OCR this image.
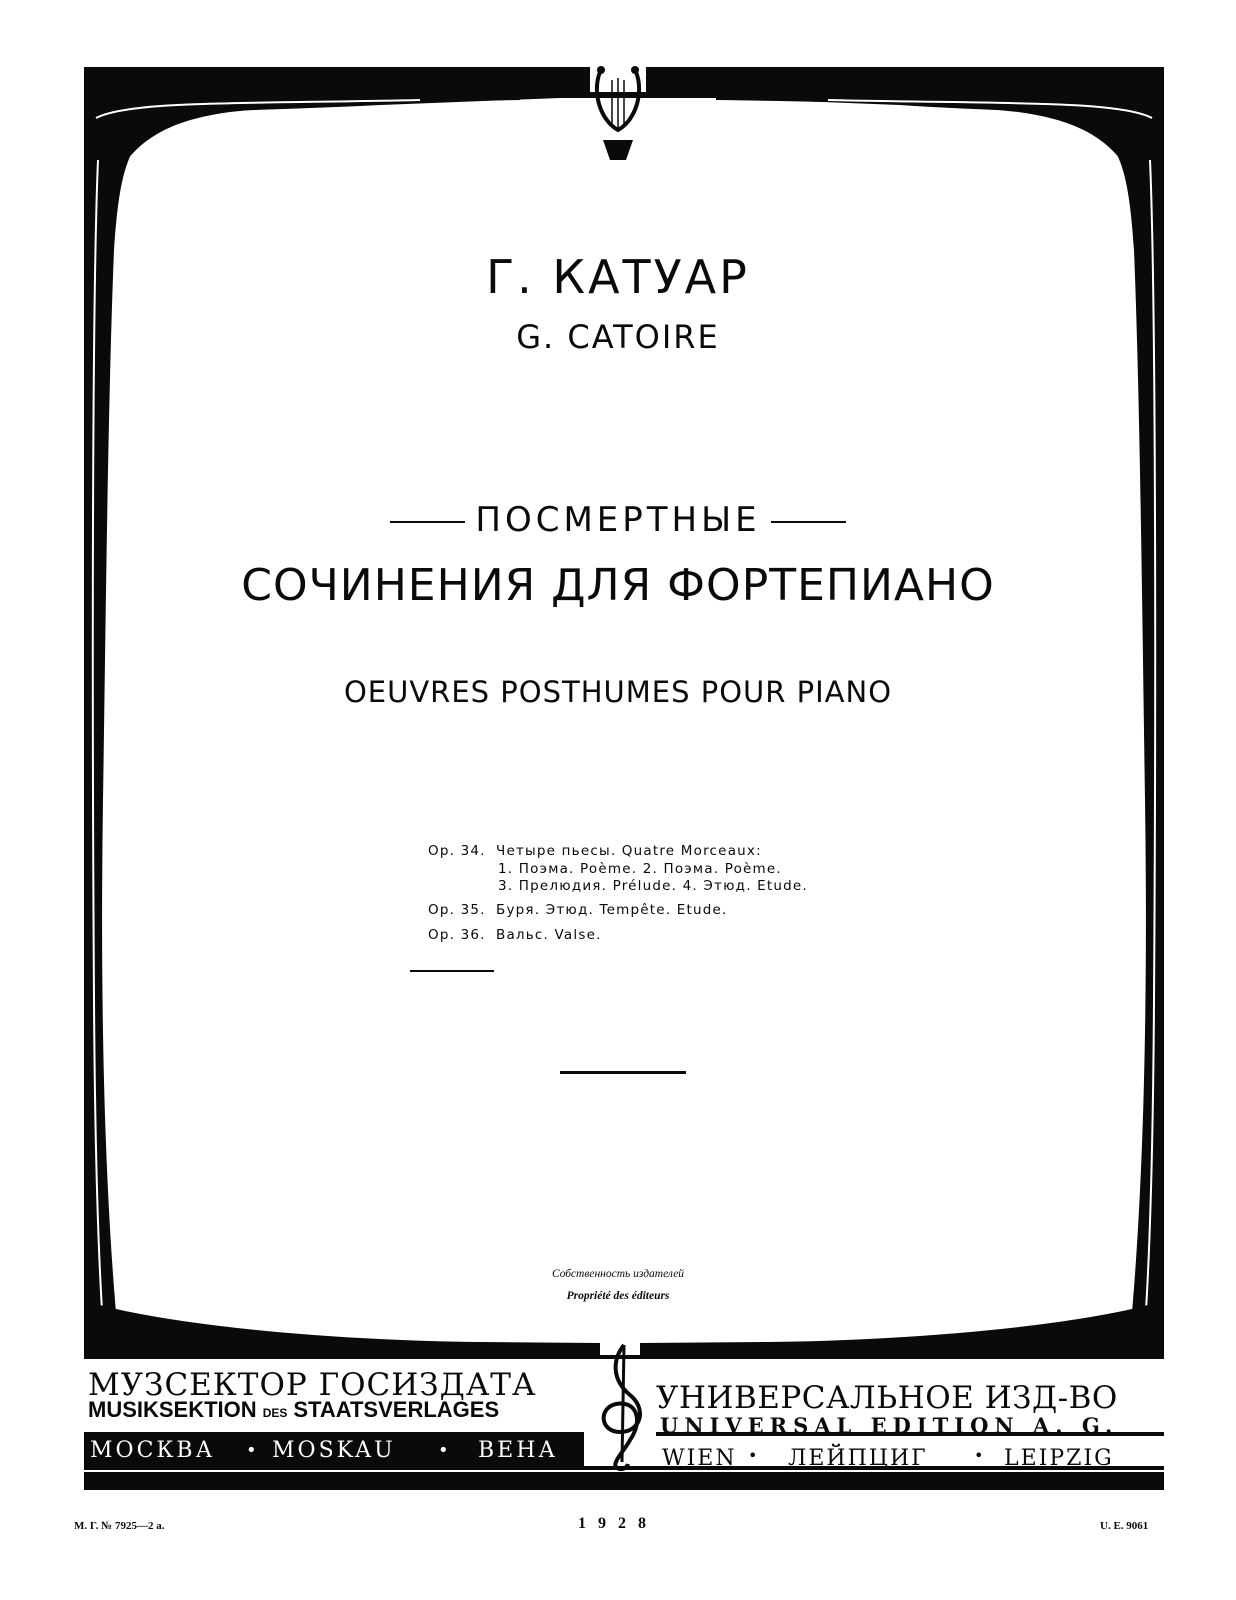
Г. КАТУАР
G. CATOIRE
ПОСМЕРТНЫЕ
СОЧИНЕНИЯ ДЛЯ ФОРТЕПИАНО
OEUVRES POSTHUMES POUR PIANO
Op. 34. Четыре пьесы. Quatre Morceaux:
1. Поэма. Poème. 2. Поэма. Poème.
3. Прелюдия. Prélude. 4. Этюд. Etude.
Op. 35. Буря. Этюд. Tempête. Etude.
Op. 36. Вальс. Valse.
Собственность издателей
Propriété des éditeurs
МУЗСЕКТОР ГОСИЗДАТА
MUSIKSEKTION DES STAATSVERLAGES	УНИВЕРСАЛЬНОЕ ИЗД-ВО
UNIVERSAL EDITION A. G.
МОСКВА • MOSKAU • ВЕНА	WIEN • ЛЕЙПЦИГ	• LEIPZIG
M. Г. № 7925—2 a.	1928	U. E. 9061
